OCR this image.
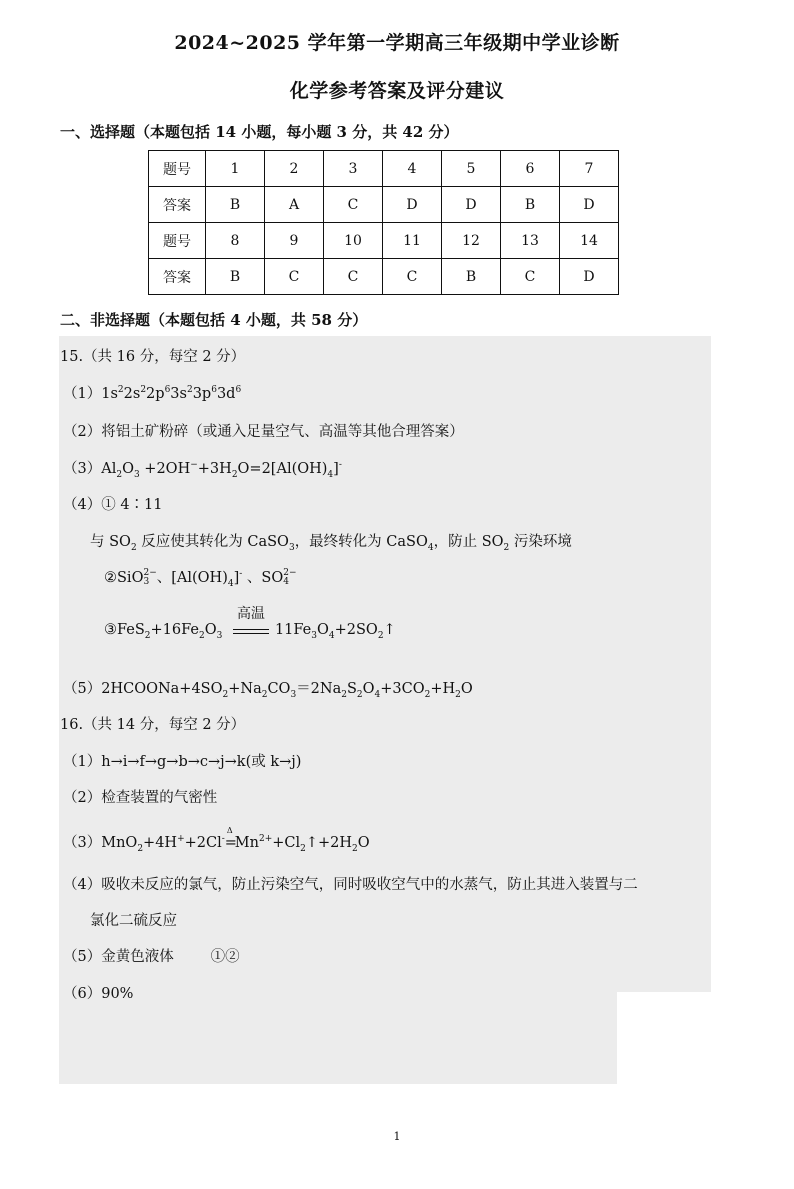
2024~2025 学年第一学期高三年级期中学业诊断
化学参考答案及评分建议
一、选择题（本题包括 14 小题，每小题 3 分，共 42 分）
题号	1	2	3	4	5	6	7
答案	B	A	C	D	D	B	D
题号	8	9	10	11	12	13	14
答案	B	C	C	C	B	C	D
二、非选择题（本题包括 4 小题，共 58 分）
15.（共 16 分，每空 2 分）
$(1)1s^22s^22p^63s^23p^63d^6$
（2）将铝土矿粉碎（或通入足量空气、高温等其他合理答案）
$(3)Al_2O_3 +2OH^-+3H_2O=2[Al(OH)_4]^-$
（4）① 4∶11
与 $SO_2$ 反应使其转化为 CaSO$_3$，最终转化为 CaSO$_4$，防止 $SO_2$ 污染环境
②SiO2−
3 、$[Al(OH)_4]^-$ 、SO2−
4
$③FeS_2+16Fe_2O_3$
高温
$11Fe_3O_4+2SO_2↑$
$(5)2HCOONa+4SO_2+Na_2CO_3=2Na_2S_2O_4+3CO_2+H_2O$
16.（共 14 分，每空 2 分）
（1）h→i→f→g→b→c→j→k(或 k→j)
（2）检查装置的气密性
（3）MnO$_2$+4H++2Cl-
Δ
$=Mn^{2+}+Cl_2↑+2H_2O$
（4）吸收未反应的氯气，防止污染空气，同时吸收空气中的水蒸气，防止其进入装置与二
氯化二硫反应
（5）金黄色液体        ①②
（6）90%
1
